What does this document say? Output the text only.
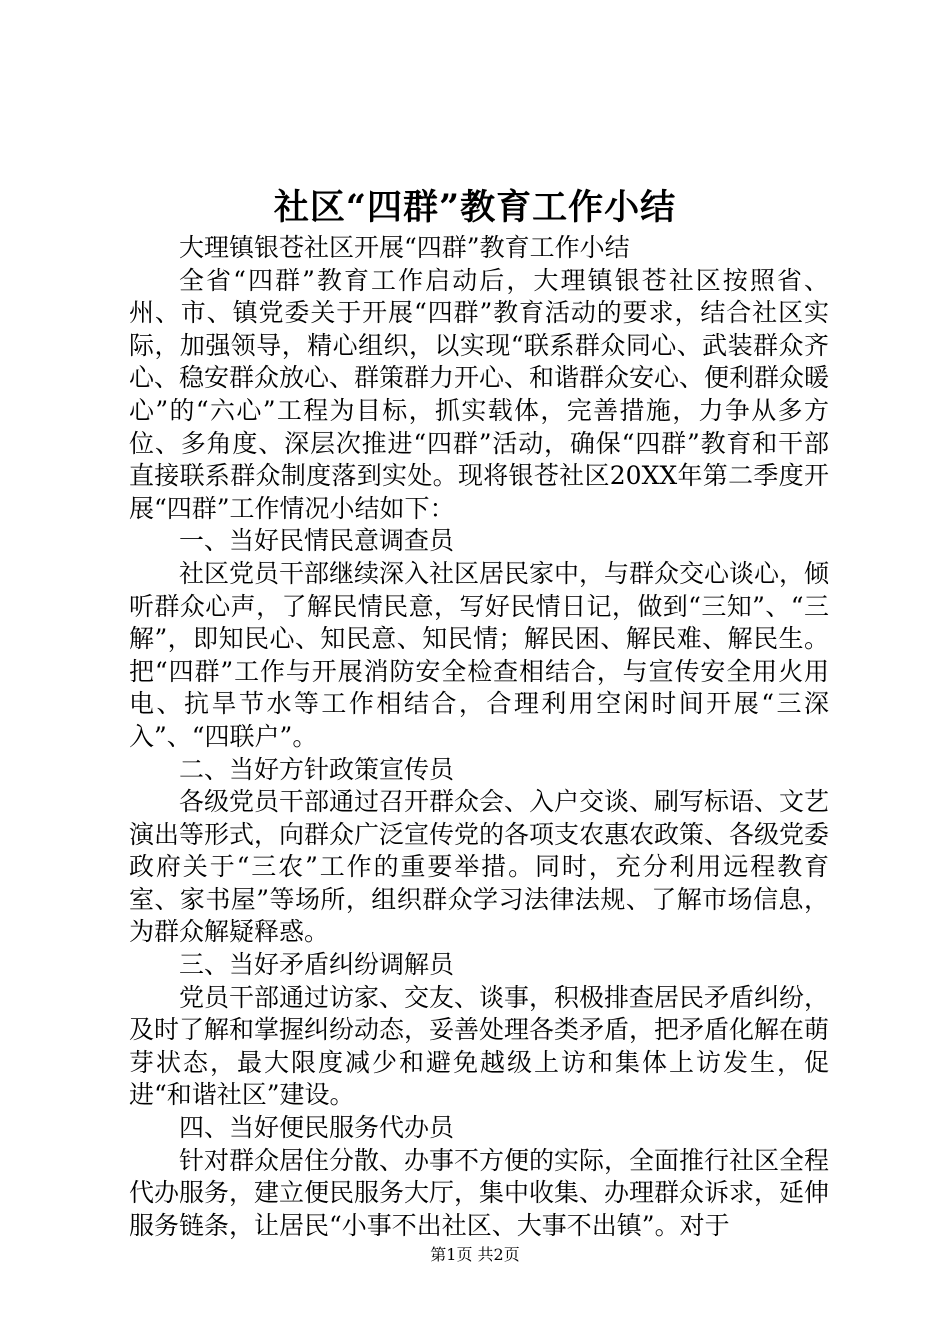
社区“四群”教育工作小结

大理镇银苍社区开展“四群”教育工作小结

全省“四群”教育工作启动后，大理镇银苍社区按照省、州、市、镇党委关于开展“四群”教育活动的要求，结合社区实际，加强领导，精心组织，以实现“联系群众同心、武装群众齐心、稳安群众放心、群策群力开心、和谐群众安心、便利群众暖心”的“六心”工程为目标，抓实载体，完善措施，力争从多方位、多角度、深层次推进“四群”活动，确保“四群”教育和干部直接联系群众制度落到实处。现将银苍社区20XX年第二季度开展“四群”工作情况小结如下：

一、当好民情民意调查员

社区党员干部继续深入社区居民家中，与群众交心谈心，倾听群众心声，了解民情民意，写好民情日记，做到“三知”、“三解”，即知民心、知民意、知民情；解民困、解民难、解民生。把“四群”工作与开展消防安全检查相结合，与宣传安全用火用电、抗旱节水等工作相结合，合理利用空闲时间开展“三深入”、“四联户”。

二、当好方针政策宣传员

各级党员干部通过召开群众会、入户交谈、刷写标语、文艺演出等形式，向群众广泛宣传党的各项支农惠农政策、各级党委政府关于“三农”工作的重要举措。同时，充分利用远程教育室、家书屋”等场所，组织群众学习法律法规、了解市场信息，为群众解疑释惑。

三、当好矛盾纠纷调解员

党员干部通过访家、交友、谈事，积极排查居民矛盾纠纷，及时了解和掌握纠纷动态，妥善处理各类矛盾，把矛盾化解在萌芽状态，最大限度减少和避免越级上访和集体上访发生，促进“和谐社区”建设。

四、当好便民服务代办员

针对群众居住分散、办事不方便的实际，全面推行社区全程代办服务，建立便民服务大厅，集中收集、办理群众诉求，延伸服务链条，让居民“小事不出社区、大事不出镇”。对于

第1页 共2页
